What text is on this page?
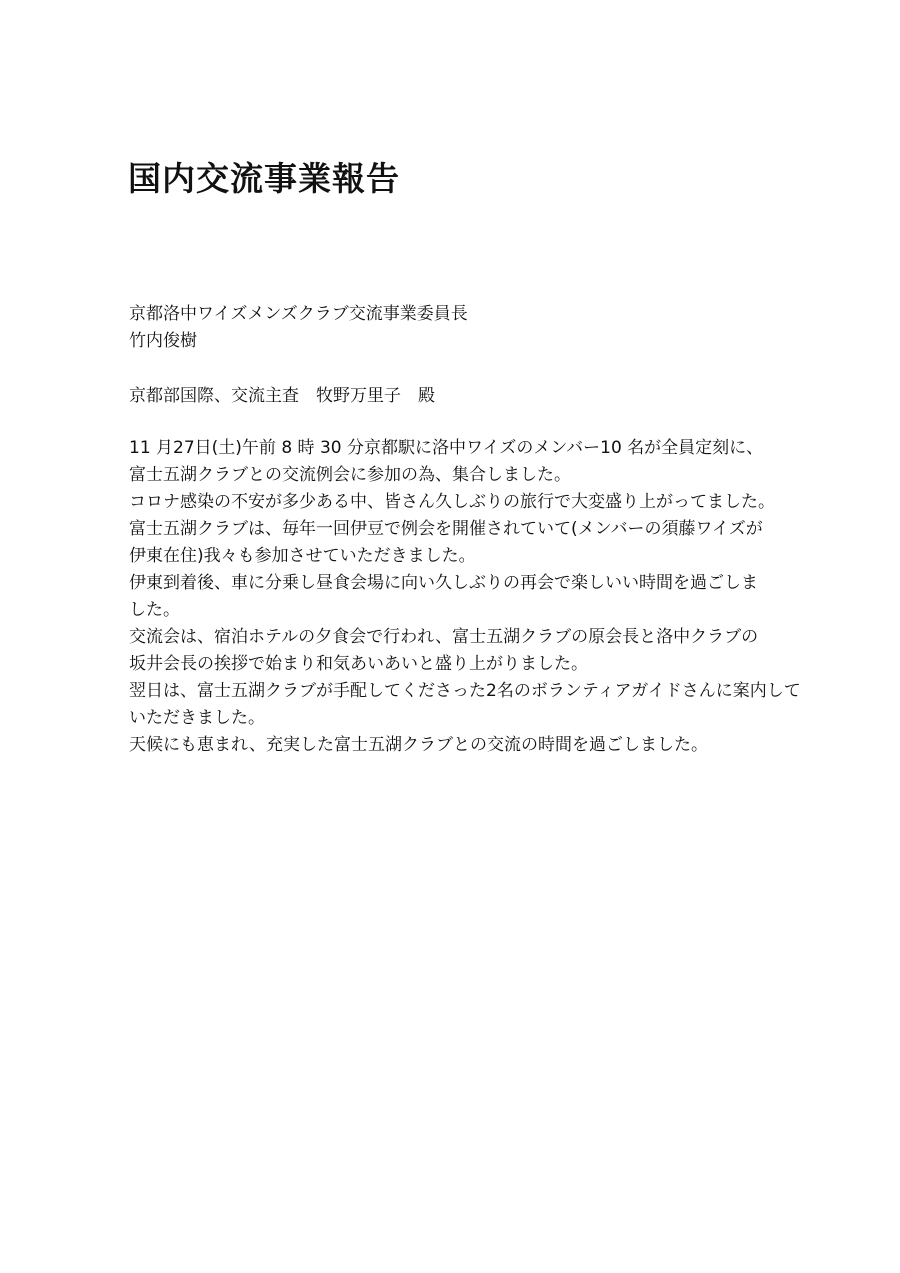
国内交流事業報告
京都洛中ワイズメンズクラブ交流事業委員長
竹内俊樹
京都部国際、交流主査　牧野万里子　殿
11 月27日(土)午前 8 時 30 分京都駅に洛中ワイズのメンバー10 名が全員定刻に、
富士五湖クラブとの交流例会に参加の為、集合しました。
コロナ感染の不安が多少ある中、皆さん久しぶりの旅行で大変盛り上がってました。
富士五湖クラブは、毎年一回伊豆で例会を開催されていて(メンバーの須藤ワイズが
伊東在住)我々も参加させていただきました。
伊東到着後、車に分乗し昼食会場に向い久しぶりの再会で楽しいい時間を過ごしま
した。
交流会は、宿泊ホテルの夕食会で行われ、富士五湖クラブの原会長と洛中クラブの
坂井会長の挨拶で始まり和気あいあいと盛り上がりました。
翌日は、富士五湖クラブが手配してくださった2名のボランティアガイドさんに案内して
いただきました。
天候にも恵まれ、充実した富士五湖クラブとの交流の時間を過ごしました。
